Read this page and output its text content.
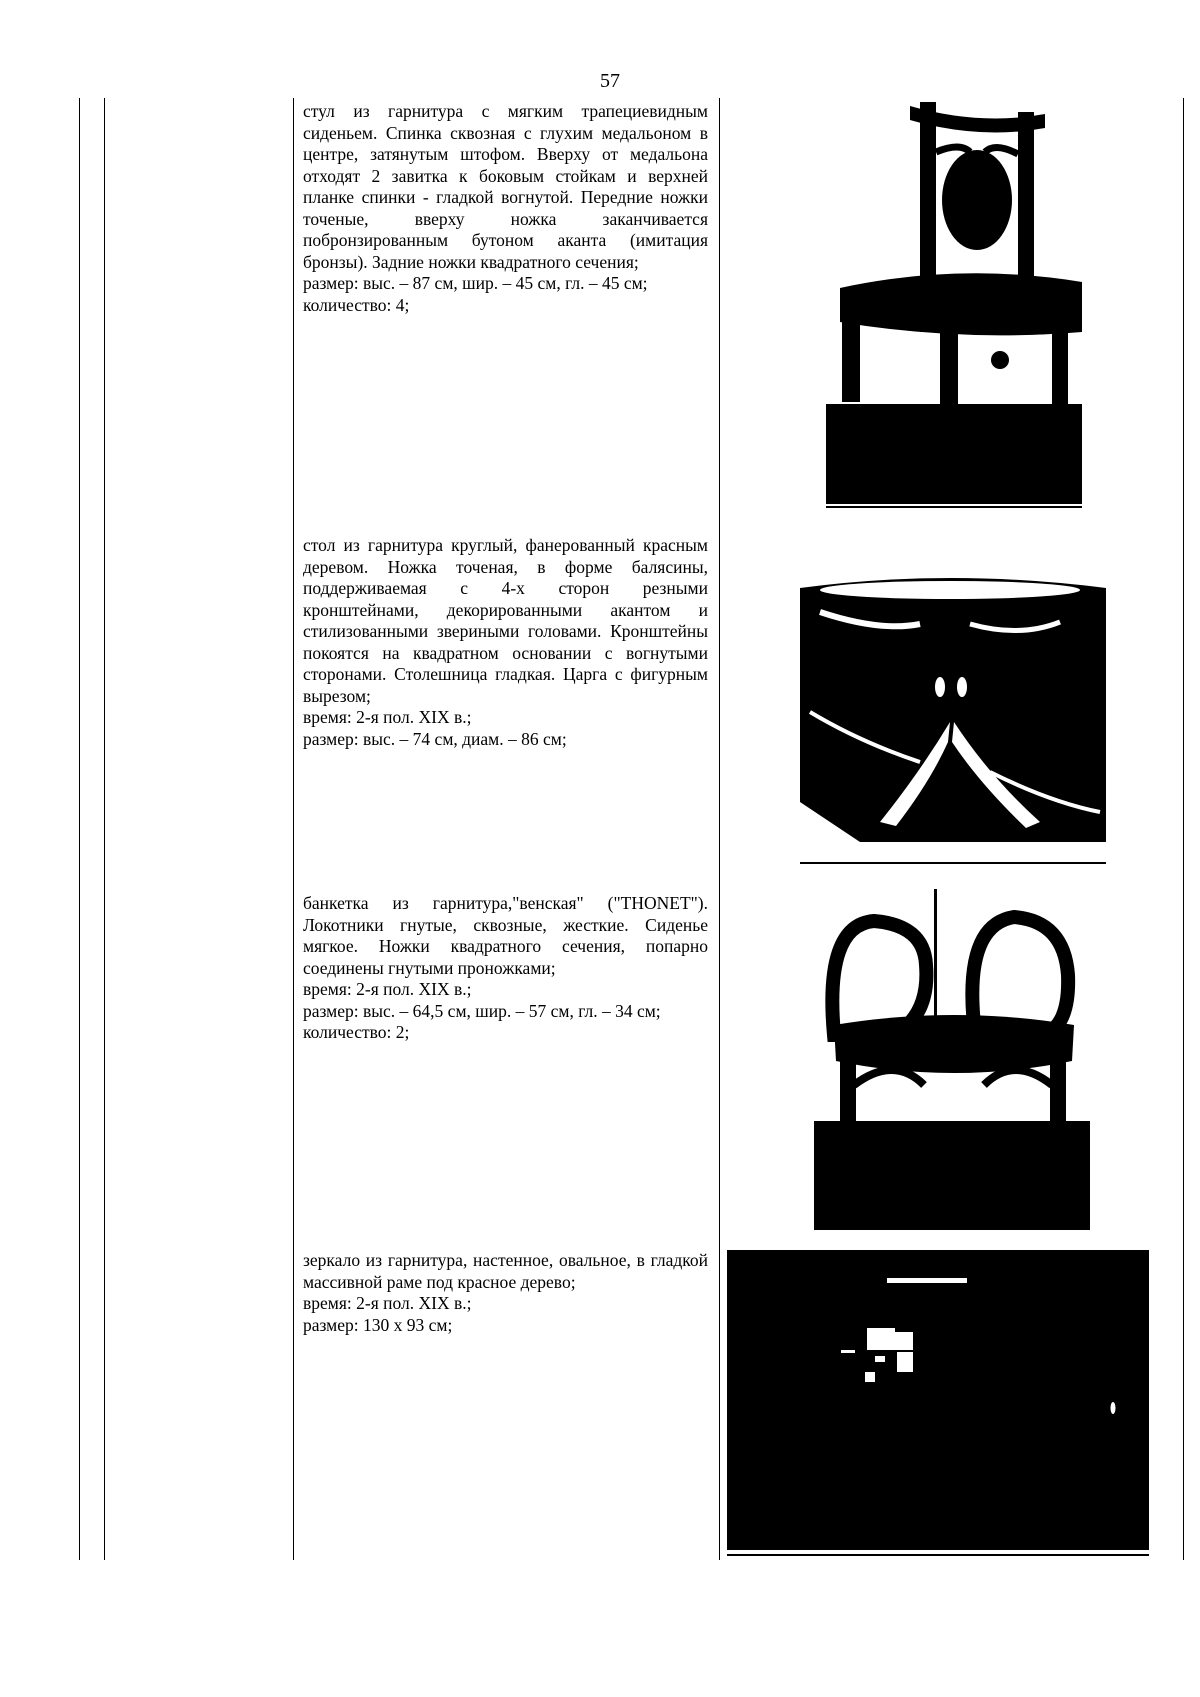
57

стул из гарнитура с мягким трапециевидным сиденьем. Спинка сквозная с глухим медальоном в центре, затянутым штофом. Вверху от медальона отходят 2 завитка к боковым стойкам и верхней планке спинки - гладкой вогнутой. Передние ножки точеные, вверху ножка заканчивается побронзированным бутоном аканта (имитация бронзы). Задние ножки квадратного сечения;

размер: выс. – 87 см, шир. – 45 см, гл. – 45 см;

количество: 4;

стол из гарнитура круглый, фанерованный красным деревом. Ножка точеная, в форме балясины, поддерживаемая с 4-х сторон резными кронштейнами, декорированными акантом и стилизованными звериными головами. Кронштейны покоятся на квадратном основании с вогнутыми сторонами. Столешница гладкая. Царга с фигурным вырезом;

время: 2-я пол. XIX в.;

размер: выс. – 74 см, диам. – 86 см;

банкетка из гарнитура,"венская" ("THONET"). Локотники гнутые, сквозные, жесткие. Сиденье мягкое. Ножки квадратного сечения, попарно соединены гнутыми проножками;

время: 2-я пол. XIX в.;

размер: выс. – 64,5 см, шир. – 57 см, гл. – 34 см;

количество: 2;

зеркало из гарнитура, настенное, овальное, в гладкой массивной раме под красное дерево;

время: 2-я пол. XIX в.;

размер: 130 х 93 см;
